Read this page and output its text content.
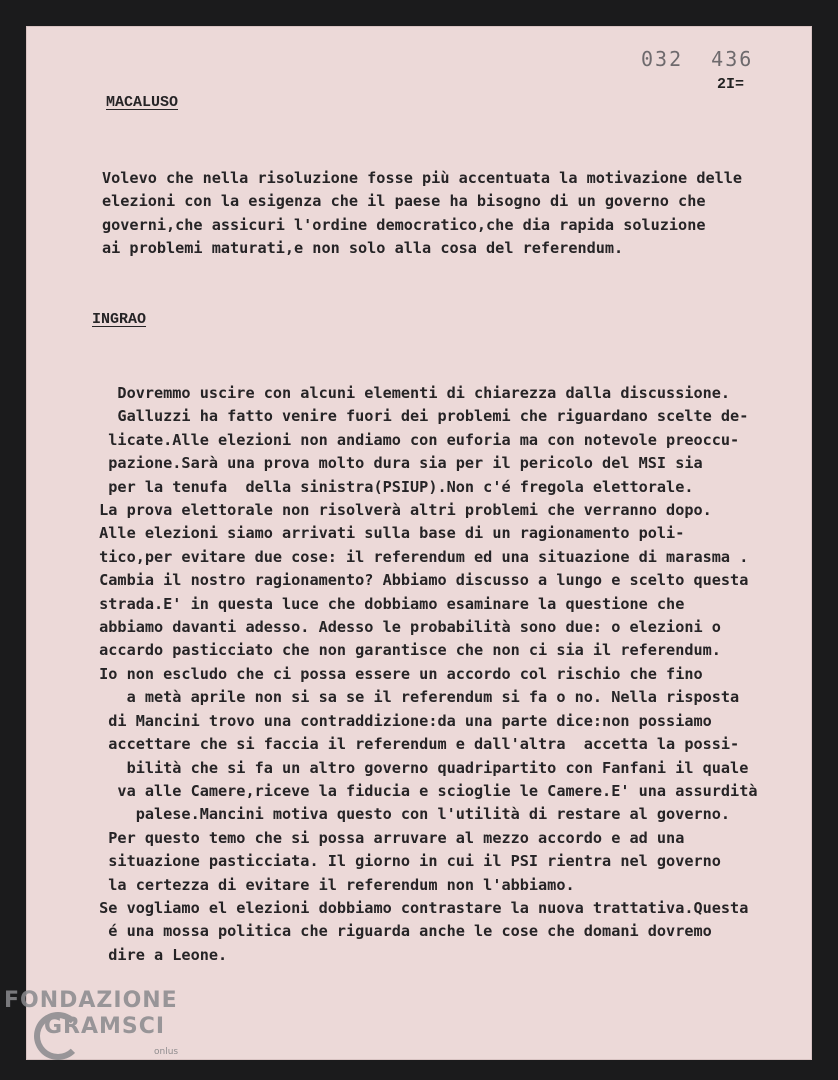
032 436
2I=
MACALUSO
Volevo che nella risoluzione fosse più accentuata la motivazione delle
elezioni con la esigenza che il paese ha bisogno di un governo che
governi,che assicuri l'ordine democratico,che dia rapida soluzione
ai problemi maturati,e non solo alla cosa del referendum.
INGRAO
Dovremmo uscire con alcuni elementi di chiarezza dalla discussione.
Galluzzi ha fatto venire fuori dei problemi che riguardano scelte de-
licate.Alle elezioni non andiamo con euforia ma con notevole preoccu-
pazione.Sarà una prova molto dura sia per il pericolo del MSI sia
per la tenufa  della sinistra(PSIUP).Non c'é fregola elettorale.
La prova elettorale non risolverà altri problemi che verranno dopo.
Alle elezioni siamo arrivati sulla base di un ragionamento poli-
tico,per evitare due cose: il referendum ed una situazione di marasma .
Cambia il nostro ragionamento? Abbiamo discusso a lungo e scelto questa
strada.E' in questa luce che dobbiamo esaminare la questione che
abbiamo davanti adesso. Adesso le probabilità sono due: o elezioni o
accardo pasticciato che non garantisce che non ci sia il referendum.
Io non escludo che ci possa essere un accordo col rischio che fino
a metà aprile non si sa se il referendum si fa o no. Nella risposta
di Mancini trovo una contraddizione:da una parte dice:non possiamo
accettare che si faccia il referendum e dall'altra  accetta la possi-
bilità che si fa un altro governo quadripartito con Fanfani il quale
va alle Camere,riceve la fiducia e scioglie le Camere.E' una assurdità
palese.Mancini motiva questo con l'utilità di restare al governo.
Per questo temo che si possa arruvare al mezzo accordo e ad una
situazione pasticciata. Il giorno in cui il PSI rientra nel governo
la certezza di evitare il referendum non l'abbiamo.
Se vogliamo el elezioni dobbiamo contrastare la nuova trattativa.Questa
é una mossa politica che riguarda anche le cose che domani dovremo
dire a Leone.
FONDAZIONE
GRAMSCI
onlus
